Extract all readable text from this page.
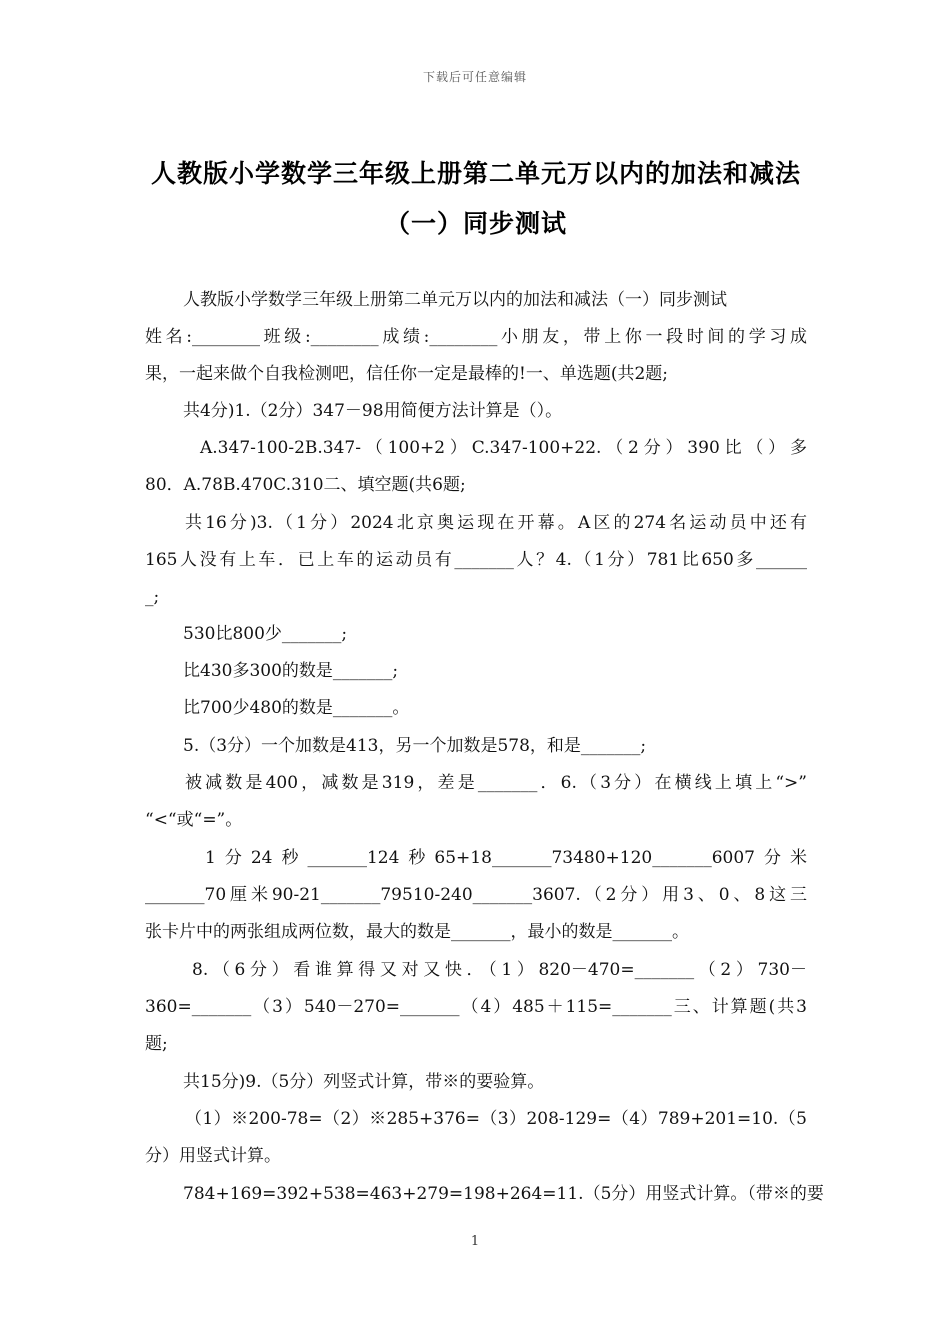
下载后可任意编辑
人教版小学数学三年级上册第二单元万以内的加法和减法
（一）同步测试
人教版小学数学三年级上册第二单元万以内的加法和减法（一）同步测试
姓名:________班级:________成绩:________小朋友，带上你一段时间的学习成
果，一起来做个自我检测吧，信任你一定是最棒的!一、单选题(共2题;
共4分)1.（2分）347－98用简便方法计算是（）。
A.347-100-2B.347-（100+2）C.347-100+22.（2分）390比（）多
80．A.78B.470C.310二、填空题(共6题;
共16分)3.（1分）2024北京奥运现在开幕。A区的274名运动员中还有
165人没有上车．已上车的运动员有_______人？4.（1分）781比650多______
_;
530比800少_______;
比430多300的数是_______;
比700少480的数是_______。
5.（3分）一个加数是413，另一个加数是578，和是_______;
被减数是400，减数是319，差是_______．6.（3分）在横线上填上“>”
“<“或“=”。
1分24秒_______124秒65+18_______73480+120_______6007分米
_______70厘米90-21_______79510-240_______3607.（2分）用3、0、8这三
张卡片中的两张组成两位数，最大的数是_______，最小的数是_______。
8.（6分）看谁算得又对又快．（1）820－470=_______（2）730－
360=_______（3）540－270=_______（4）485＋115=_______三、计算题(共3
题;
共15分)9.（5分）列竖式计算，带※的要验算。
（1）※200-78=（2）※285+376=（3）208-129=（4）789+201=10.（5
分）用竖式计算。
784+169=392+538=463+279=198+264=11.（5分）用竖式计算。（带※的要
1
